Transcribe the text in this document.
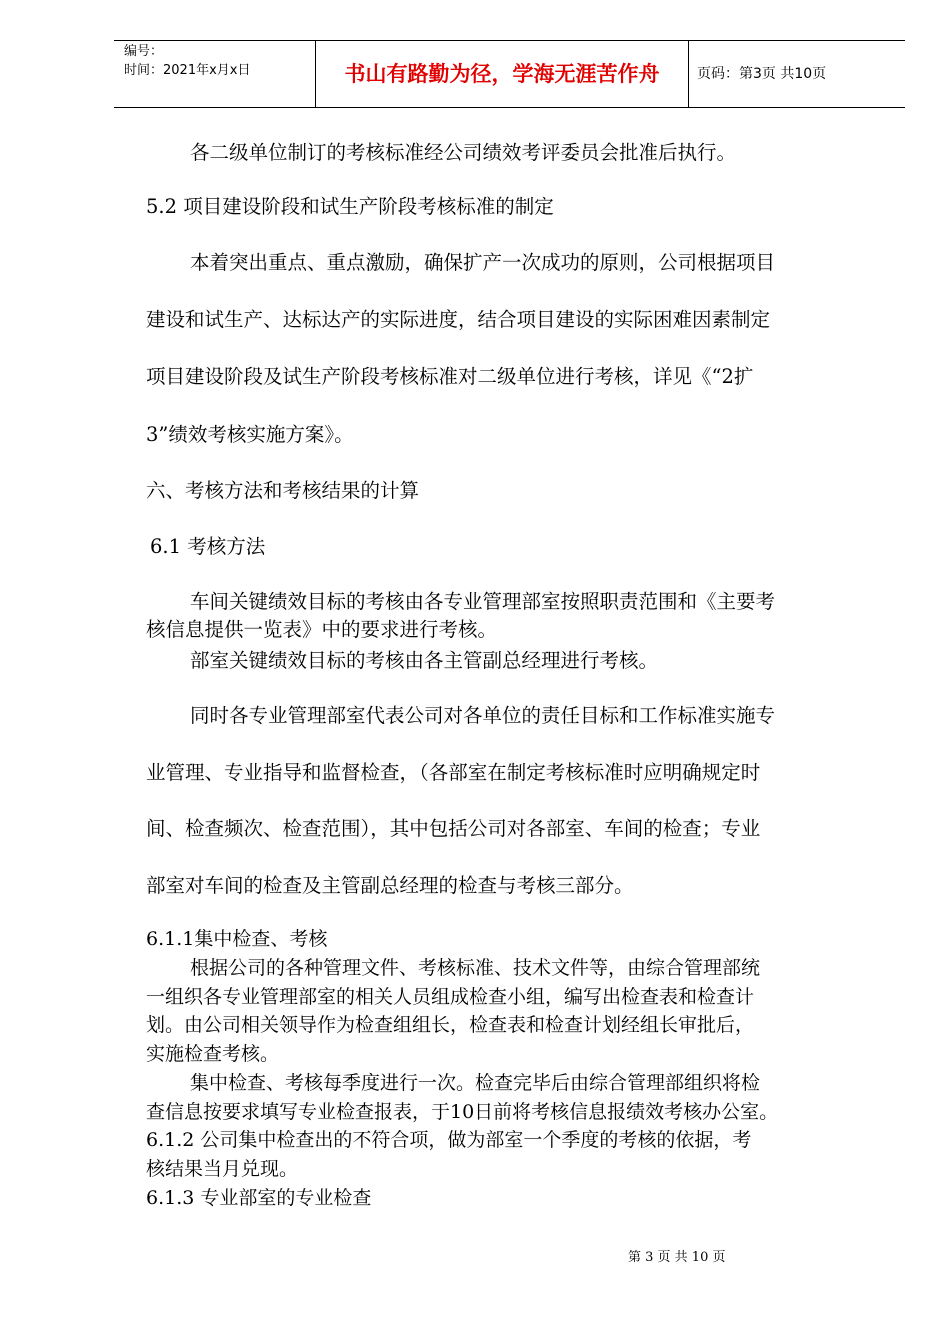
编号：
时间：2021年x月x日	书山有路勤为径，学海无涯苦作舟	页码：第3页 共10页
各二级单位制订的考核标准经公司绩效考评委员会批准后执行。
5.2 项目建设阶段和试生产阶段考核标准的制定
本着突出重点、重点激励，确保扩产一次成功的原则，公司根据项目
建设和试生产、达标达产的实际进度，结合项目建设的实际困难因素制定
项目建设阶段及试生产阶段考核标准对二级单位进行考核，详见《“2扩
3”绩效考核实施方案》。
六、考核方法和考核结果的计算
6.1 考核方法
车间关键绩效目标的考核由各专业管理部室按照职责范围和《主要考
核信息提供一览表》中的要求进行考核。
部室关键绩效目标的考核由各主管副总经理进行考核。
同时各专业管理部室代表公司对各单位的责任目标和工作标准实施专
业管理、专业指导和监督检查，（各部室在制定考核标准时应明确规定时
间、检查频次、检查范围），其中包括公司对各部室、车间的检查；专业
部室对车间的检查及主管副总经理的检查与考核三部分。
6.1.1集中检查、考核
根据公司的各种管理文件、考核标准、技术文件等，由综合管理部统
一组织各专业管理部室的相关人员组成检查小组，编写出检查表和检查计
划。由公司相关领导作为检查组组长，检查表和检查计划经组长审批后，
实施检查考核。
集中检查、考核每季度进行一次。检查完毕后由综合管理部组织将检
查信息按要求填写专业检查报表，于10日前将考核信息报绩效考核办公室。
6.1.2 公司集中检查出的不符合项，做为部室一个季度的考核的依据，考
核结果当月兑现。
6.1.3 专业部室的专业检查
第 3 页 共 10 页
